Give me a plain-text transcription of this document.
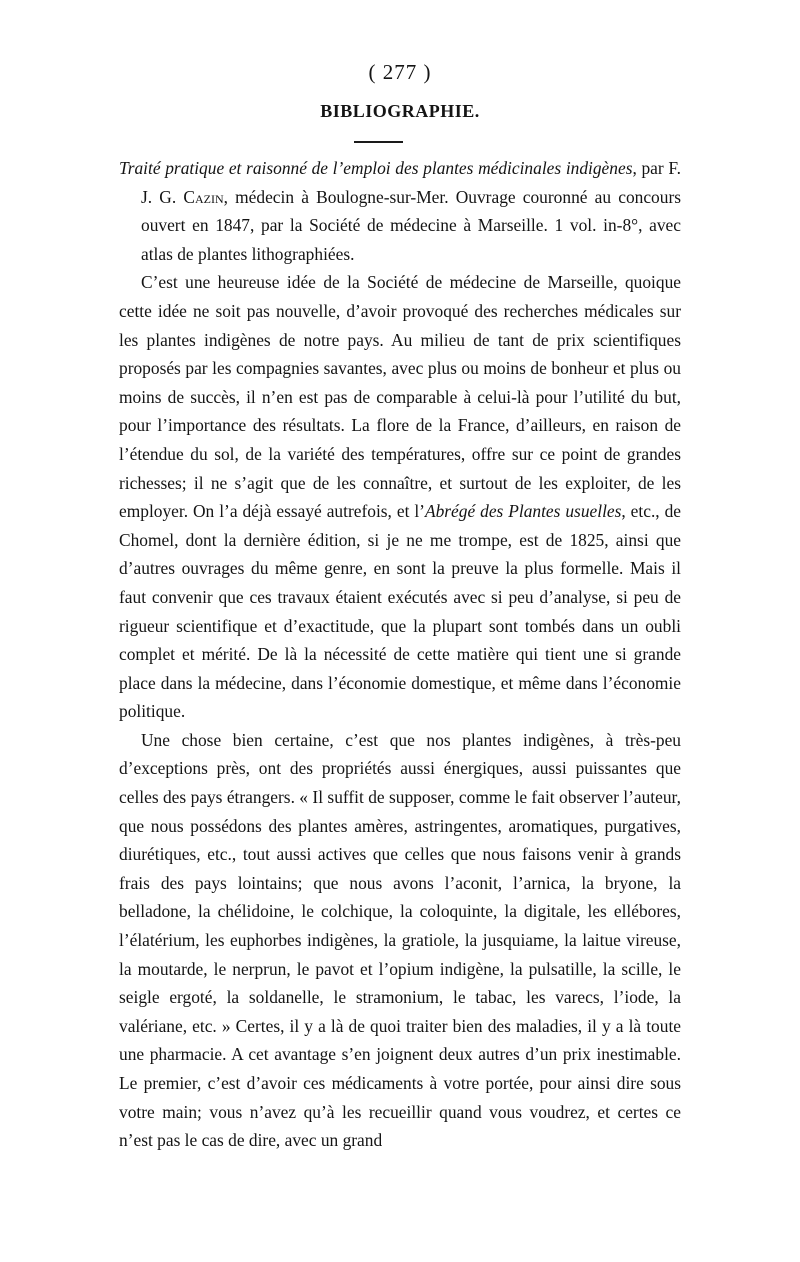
( 277 )
BIBLIOGRAPHIE.

Traité pratique et raisonné de l’emploi des plantes médicinales indigènes, par F. J. G. Cazin, médecin à Boulogne-sur-Mer. Ouvrage couronné au concours ouvert en 1847, par la Société de médecine à Marseille. 1 vol. in-8°, avec atlas de plantes lithographiées.

C’est une heureuse idée de la Société de médecine de Marseille, quoique cette idée ne soit pas nouvelle, d’avoir provoqué des recherches médicales sur les plantes indigènes de notre pays. Au milieu de tant de prix scientifiques proposés par les compagnies savantes, avec plus ou moins de bonheur et plus ou moins de succès, il n’en est pas de comparable à celui-là pour l’utilité du but, pour l’importance des résultats. La flore de la France, d’ailleurs, en raison de l’étendue du sol, de la variété des températures, offre sur ce point de grandes richesses; il ne s’agit que de les connaître, et surtout de les exploiter, de les employer. On l’a déjà essayé autrefois, et l’Abrégé des Plantes usuelles, etc., de Chomel, dont la dernière édition, si je ne me trompe, est de 1825, ainsi que d’autres ouvrages du même genre, en sont la preuve la plus formelle. Mais il faut convenir que ces travaux étaient exécutés avec si peu d’analyse, si peu de rigueur scientifique et d’exactitude, que la plupart sont tombés dans un oubli complet et mérité. De là la nécessité de cette matière qui tient une si grande place dans la médecine, dans l’économie domestique, et même dans l’économie politique.

Une chose bien certaine, c’est que nos plantes indigènes, à très-peu d’exceptions près, ont des propriétés aussi énergiques, aussi puissantes que celles des pays étrangers. « Il suffit de supposer, comme le fait observer l’auteur, que nous possédons des plantes amères, astringentes, aromatiques, purgatives, diurétiques, etc., tout aussi actives que celles que nous faisons venir à grands frais des pays lointains; que nous avons l’aconit, l’arnica, la bryone, la belladone, la chélidoine, le colchique, la coloquinte, la digitale, les ellébores, l’élatérium, les euphorbes indigènes, la gratiole, la jusquiame, la laitue vireuse, la moutarde, le nerprun, le pavot et l’opium indigène, la pulsatille, la scille, le seigle ergoté, la soldanelle, le stramonium, le tabac, les varecs, l’iode, la valériane, etc. » Certes, il y a là de quoi traiter bien des maladies, il y a là toute une pharmacie. A cet avantage s’en joignent deux autres d’un prix inestimable. Le premier, c’est d’avoir ces médicaments à votre portée, pour ainsi dire sous votre main; vous n’avez qu’à les recueillir quand vous voudrez, et certes ce n’est pas le cas de dire, avec un grand
